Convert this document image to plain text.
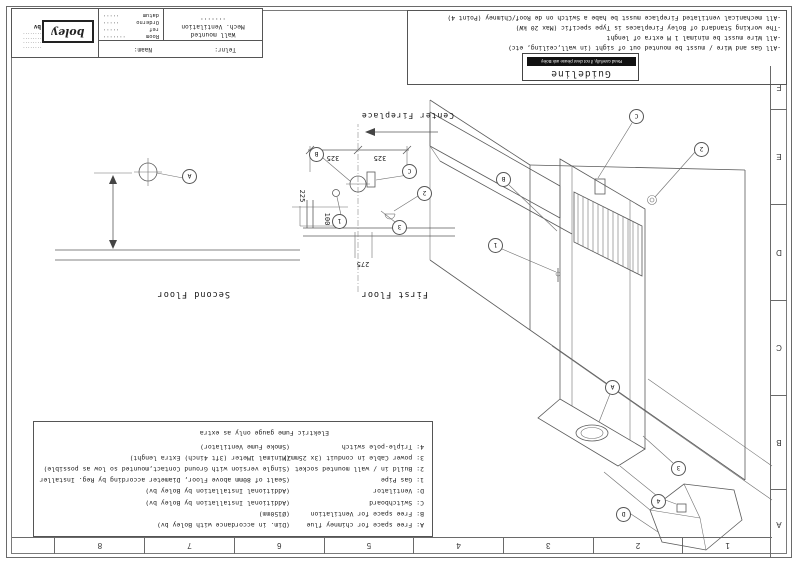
A
B
C
D
E
F
1
2
3
4
5
6
7
8
A
B
C
D
1
2
3
4
B
C
1
2
3
A
First Floor
Second Floor
Center Fireplace
325
325
275
100
225
A: Free space for chimney flue
(Dim. in accordance with Boley bv)
B: Free space for Ventilation
(Ø150mm)
C: Switchboard
(Additional Installation by Boley bv)
D: Ventilator
(Additional Installation by Boley bv)
1: Gas Pipe
(Sealt of 80mm above Floor, Diameter according by Reg. Installer
2: Build in / wall mounted socket
(Single version with Ground Contact,mounted so low as possible)
3: power Cable in conduit (3x 25mm2)
(Minimal 1Meter (3ft 4inch) Extra lenght)
4: Triple-pole switch
(Smoke Fume Ventilator)
Elektric Fume gauge only as extra
Guideline
Read carefully, if not clear please ask Boley
-All Gas and Wire / musst be mounted out of sight (in wall,ceiling, etc)
-All Wire musst be minimal 1 M extra of lenght
-The working Standard of Boley Fireplaces is Type specific (Max 20 kW)
-All mechanical ventilated Fireplace musst be habe a Switch on de Roof/Chimney (Point 4)
Telnr:
Naam:
Wall mounted
Mech. Ventilation
·······
Room
·······
ref
·····
Orderno
·····
datum
·····
boley
bv
········
········
········
········
